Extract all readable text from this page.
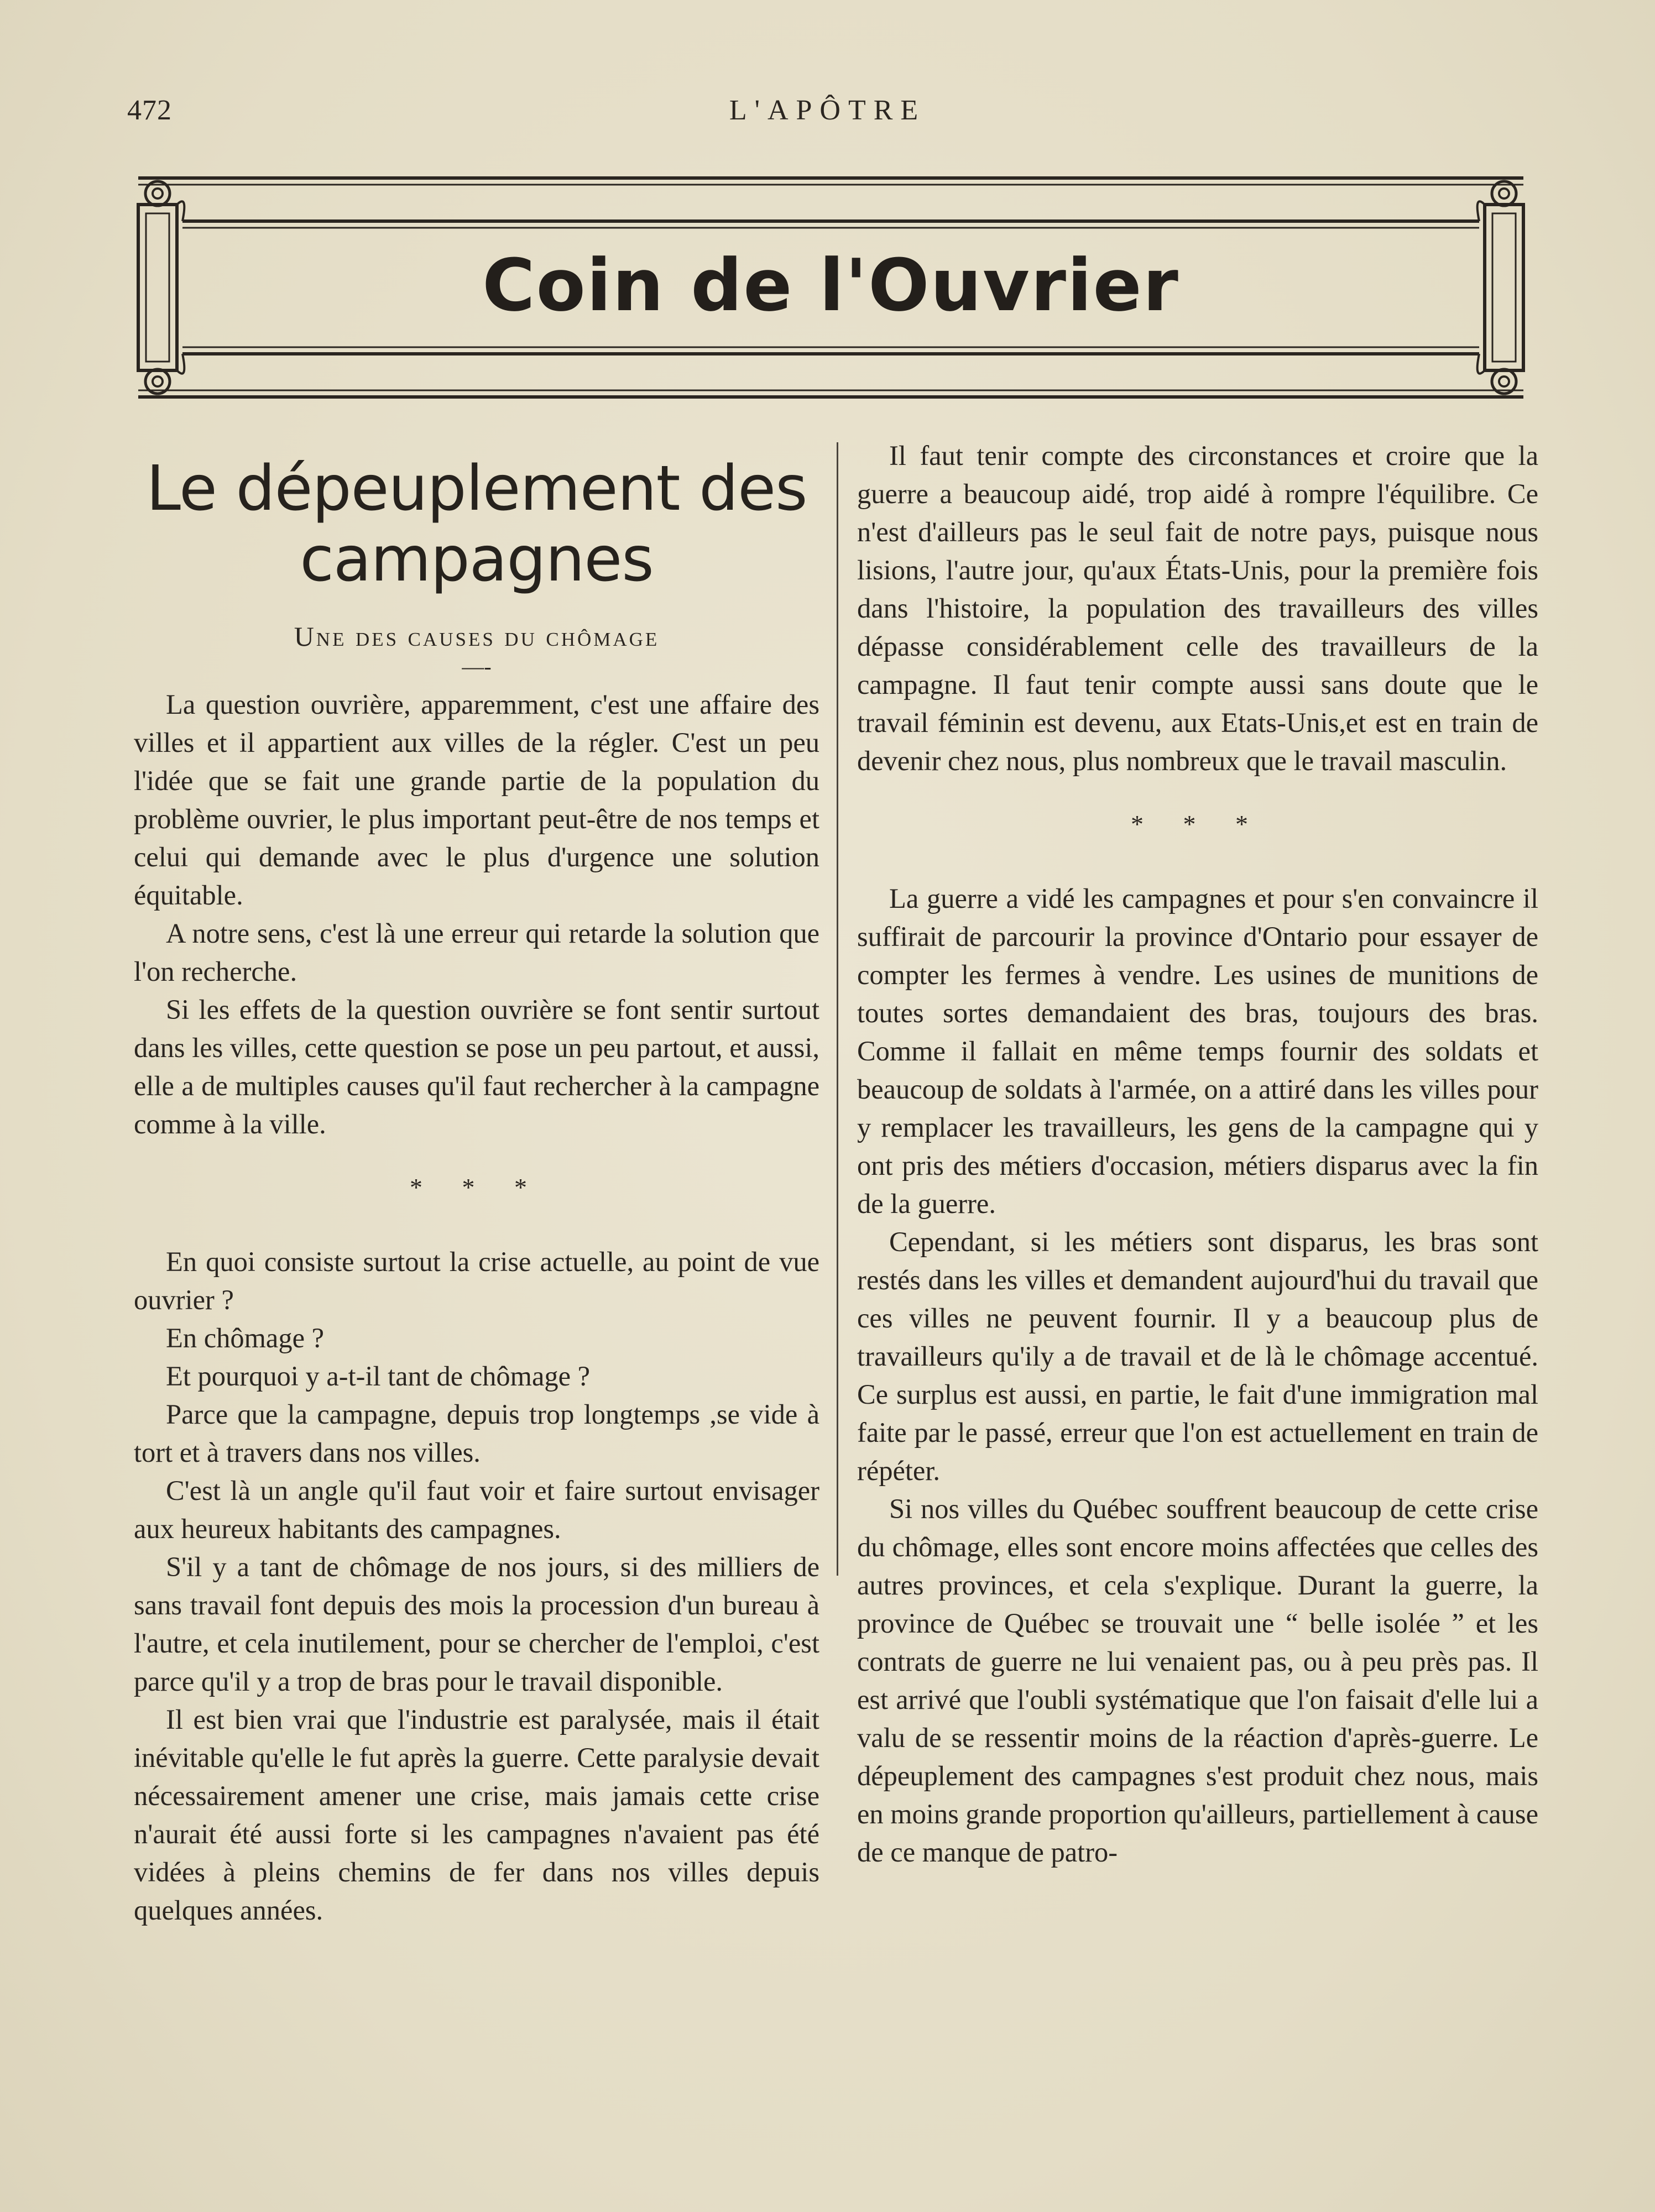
472	L'APÔTRE
Coin de l'Ouvrier
Le dépeuplement des campagnes
Une des causes du chômage
—-

La question ouvrière, apparemment, c'est une affaire des villes et il appartient aux villes de la régler. C'est un peu l'idée que se fait une grande partie de la population du problème ouvrier, le plus important peut-être de nos temps et celui qui demande avec le plus d'urgence une solution équitable.

A notre sens, c'est là une erreur qui retarde la solution que l'on recherche.

Si les effets de la question ouvrière se font sentir surtout dans les villes, cette question se pose un peu partout, et aussi, elle a de multiples causes qu'il faut rechercher à la campagne comme à la ville.

* * *

En quoi consiste surtout la crise actuelle, au point de vue ouvrier ?

En chômage ?

Et pourquoi y a-t-il tant de chômage ?

Parce que la campagne, depuis trop longtemps ,se vide à tort et à travers dans nos villes.

C'est là un angle qu'il faut voir et faire surtout envisager aux heureux habitants des campagnes.

S'il y a tant de chômage de nos jours, si des milliers de sans travail font depuis des mois la procession d'un bureau à l'autre, et cela inutilement, pour se chercher de l'emploi, c'est parce qu'il y a trop de bras pour le travail disponible.

Il est bien vrai que l'industrie est paralysée, mais il était inévitable qu'elle le fut après la guerre. Cette paralysie devait nécessairement amener une crise, mais jamais cette crise n'aurait été aussi forte si les campagnes n'avaient pas été vidées à pleins chemins de fer dans nos villes depuis quelques années.

Il faut tenir compte des circonstances et croire que la guerre a beaucoup aidé, trop aidé à rompre l'équilibre. Ce n'est d'ailleurs pas le seul fait de notre pays, puisque nous lisions, l'autre jour, qu'aux États-Unis, pour la première fois dans l'histoire, la population des travailleurs des villes dépasse considérablement celle des travailleurs de la campagne. Il faut tenir compte aussi sans doute que le travail féminin est devenu, aux Etats-Unis,et est en train de devenir chez nous, plus nombreux que le travail masculin.

* * *

La guerre a vidé les campagnes et pour s'en convaincre il suffirait de parcourir la province d'Ontario pour essayer de compter les fermes à vendre. Les usines de munitions de toutes sortes demandaient des bras, toujours des bras. Comme il fallait en même temps fournir des soldats et beaucoup de soldats à l'armée, on a attiré dans les villes pour y remplacer les travailleurs, les gens de la campagne qui y ont pris des métiers d'occasion, métiers disparus avec la fin de la guerre.

Cependant, si les métiers sont disparus, les bras sont restés dans les villes et demandent aujourd'hui du travail que ces villes ne peuvent fournir. Il y a beaucoup plus de travailleurs qu'ily a de travail et de là le chômage accentué. Ce surplus est aussi, en partie, le fait d'une immigration mal faite par le passé, erreur que l'on est actuellement en train de répéter.

Si nos villes du Québec souffrent beaucoup de cette crise du chômage, elles sont encore moins affectées que celles des autres provinces, et cela s'explique. Durant la guerre, la province de Québec se trouvait une “ belle isolée ” et les contrats de guerre ne lui venaient pas, ou à peu près pas. Il est arrivé que l'oubli systématique que l'on faisait d'elle lui a valu de se ressentir moins de la réaction d'après-guerre. Le dépeuplement des campagnes s'est produit chez nous, mais en moins grande proportion qu'ailleurs, partiellement à cause de ce manque de patro-
